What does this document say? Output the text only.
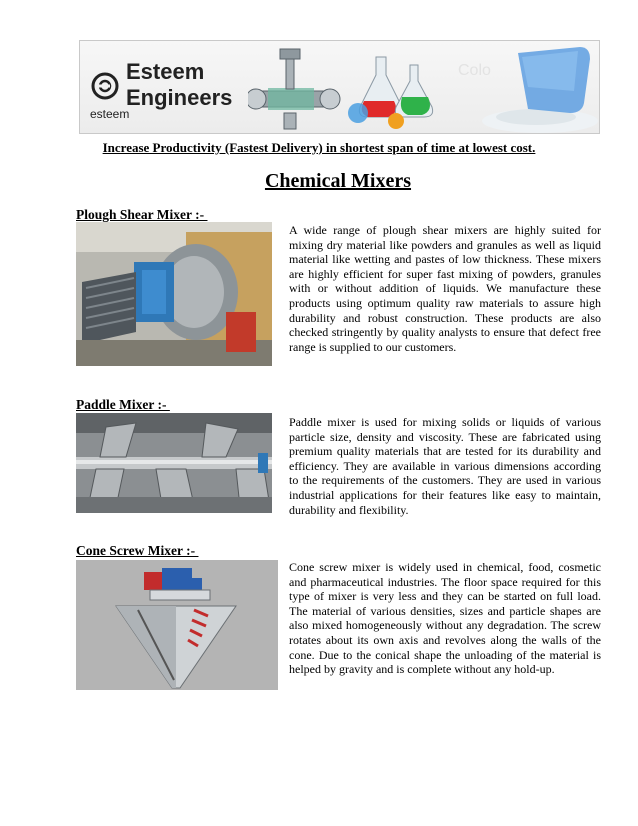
Esteem
Engineers
esteem
Colo
Increase Productivity (Fastest Delivery) in shortest span of time at lowest cost.
Chemical Mixers
Plough Shear Mixer :-
A wide range of plough shear mixers are highly suited for mixing dry material like powders and granules as well as liquid material like wetting and pastes of low thickness. These mixers are highly efficient for super fast mixing of powders, granules with or without addition of liquids. We manufacture these products using optimum quality raw materials to assure high durability and robust construction. These products are also checked stringently by quality analysts to ensure that defect free range is supplied to our customers.
Paddle Mixer :-
Paddle mixer is used for mixing solids or liquids of various particle size, density and viscosity. These are fabricated using premium quality materials that are tested for its durability and efficiency. They are available in various dimensions according to the requirements of the customers. They are used in various industrial applications for their features like easy to maintain, durability and flexibility.
Cone Screw Mixer :-
Cone screw mixer is widely used in chemical, food, cosmetic and pharmaceutical industries. The floor space required for this type of mixer is very less and they can be started on full load. The material of various densities, sizes and particle shapes are also mixed homogeneously without any degradation. The screw rotates about its own axis and revolves along the walls of the cone. Due to the conical shape the unloading of the material is helped by gravity and is complete without any hold-up.
